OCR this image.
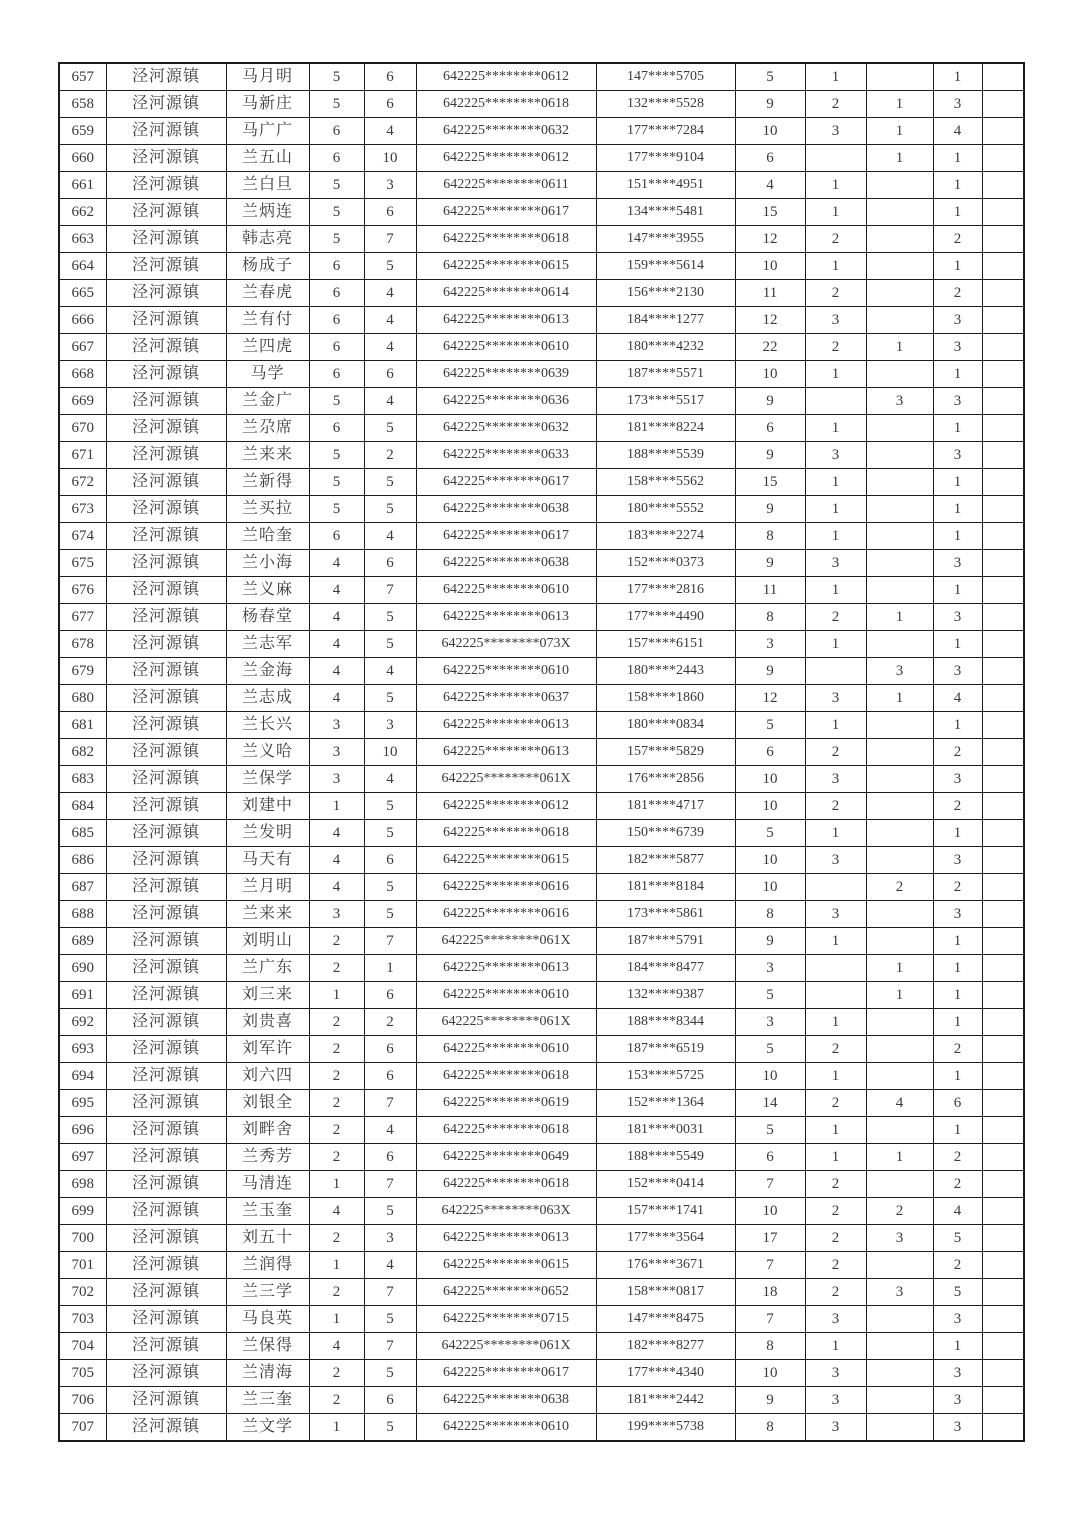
657	泾河源镇	马月明	5	6	642225********0612	147****5705	5	1		1	
658	泾河源镇	马新庄	5	6	642225********0618	132****5528	9	2	1	3	
659	泾河源镇	马广广	6	4	642225********0632	177****7284	10	3	1	4	
660	泾河源镇	兰五山	6	10	642225********0612	177****9104	6		1	1	
661	泾河源镇	兰白旦	5	3	642225********0611	151****4951	4	1		1	
662	泾河源镇	兰炳连	5	6	642225********0617	134****5481	15	1		1	
663	泾河源镇	韩志亮	5	7	642225********0618	147****3955	12	2		2	
664	泾河源镇	杨成子	6	5	642225********0615	159****5614	10	1		1	
665	泾河源镇	兰春虎	6	4	642225********0614	156****2130	11	2		2	
666	泾河源镇	兰有付	6	4	642225********0613	184****1277	12	3		3	
667	泾河源镇	兰四虎	6	4	642225********0610	180****4232	22	2	1	3	
668	泾河源镇	马学	6	6	642225********0639	187****5571	10	1		1	
669	泾河源镇	兰金广	5	4	642225********0636	173****5517	9		3	3	
670	泾河源镇	兰尕席	6	5	642225********0632	181****8224	6	1		1	
671	泾河源镇	兰来来	5	2	642225********0633	188****5539	9	3		3	
672	泾河源镇	兰新得	5	5	642225********0617	158****5562	15	1		1	
673	泾河源镇	兰买拉	5	5	642225********0638	180****5552	9	1		1	
674	泾河源镇	兰哈奎	6	4	642225********0617	183****2274	8	1		1	
675	泾河源镇	兰小海	4	6	642225********0638	152****0373	9	3		3	
676	泾河源镇	兰义麻	4	7	642225********0610	177****2816	11	1		1	
677	泾河源镇	杨春堂	4	5	642225********0613	177****4490	8	2	1	3	
678	泾河源镇	兰志军	4	5	642225********073X	157****6151	3	1		1	
679	泾河源镇	兰金海	4	4	642225********0610	180****2443	9		3	3	
680	泾河源镇	兰志成	4	5	642225********0637	158****1860	12	3	1	4	
681	泾河源镇	兰长兴	3	3	642225********0613	180****0834	5	1		1	
682	泾河源镇	兰义哈	3	10	642225********0613	157****5829	6	2		2	
683	泾河源镇	兰保学	3	4	642225********061X	176****2856	10	3		3	
684	泾河源镇	刘建中	1	5	642225********0612	181****4717	10	2		2	
685	泾河源镇	兰发明	4	5	642225********0618	150****6739	5	1		1	
686	泾河源镇	马天有	4	6	642225********0615	182****5877	10	3		3	
687	泾河源镇	兰月明	4	5	642225********0616	181****8184	10		2	2	
688	泾河源镇	兰来来	3	5	642225********0616	173****5861	8	3		3	
689	泾河源镇	刘明山	2	7	642225********061X	187****5791	9	1		1	
690	泾河源镇	兰广东	2	1	642225********0613	184****8477	3		1	1	
691	泾河源镇	刘三来	1	6	642225********0610	132****9387	5		1	1	
692	泾河源镇	刘贵喜	2	2	642225********061X	188****8344	3	1		1	
693	泾河源镇	刘军许	2	6	642225********0610	187****6519	5	2		2	
694	泾河源镇	刘六四	2	6	642225********0618	153****5725	10	1		1	
695	泾河源镇	刘银全	2	7	642225********0619	152****1364	14	2	4	6	
696	泾河源镇	刘畔舍	2	4	642225********0618	181****0031	5	1		1	
697	泾河源镇	兰秀芳	2	6	642225********0649	188****5549	6	1	1	2	
698	泾河源镇	马清连	1	7	642225********0618	152****0414	7	2		2	
699	泾河源镇	兰玉奎	4	5	642225********063X	157****1741	10	2	2	4	
700	泾河源镇	刘五十	2	3	642225********0613	177****3564	17	2	3	5	
701	泾河源镇	兰润得	1	4	642225********0615	176****3671	7	2		2	
702	泾河源镇	兰三学	2	7	642225********0652	158****0817	18	2	3	5	
703	泾河源镇	马良英	1	5	642225********0715	147****8475	7	3		3	
704	泾河源镇	兰保得	4	7	642225********061X	182****8277	8	1		1	
705	泾河源镇	兰清海	2	5	642225********0617	177****4340	10	3		3	
706	泾河源镇	兰三奎	2	6	642225********0638	181****2442	9	3		3	
707	泾河源镇	兰文学	1	5	642225********0610	199****5738	8	3		3	
